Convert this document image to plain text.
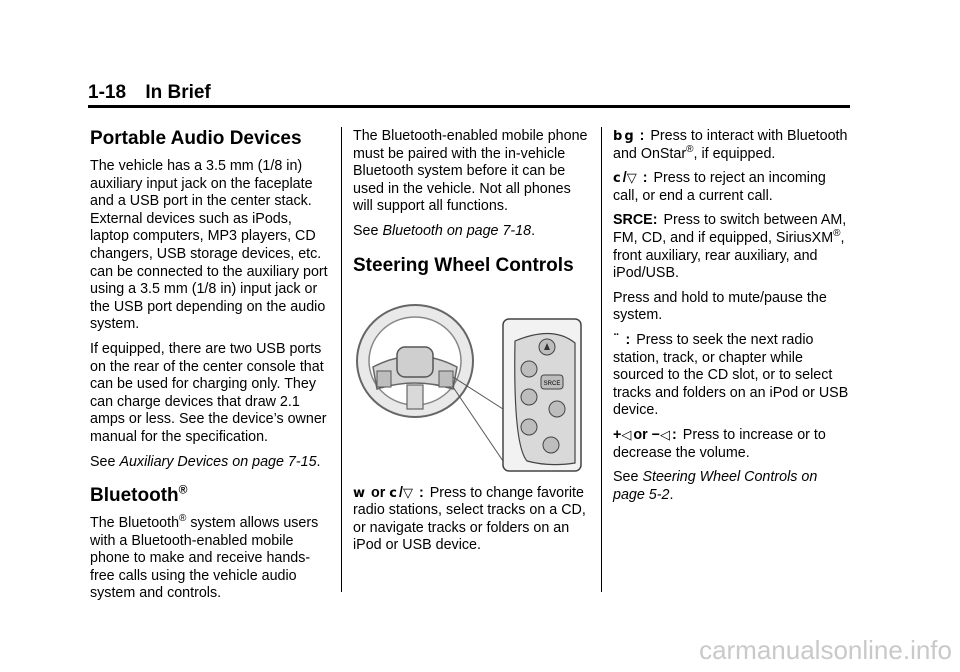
1-18 In Brief
Portable Audio Devices

The vehicle has a 3.5 mm (1/8 in) auxiliary input jack on the faceplate and a USB port in the center stack. External devices such as iPods, laptop computers, MP3 players, CD changers, USB storage devices, etc. can be connected to the auxiliary port using a 3.5 mm (1/8 in) input jack or the USB port depending on the audio system.

If equipped, there are two USB ports on the rear of the center console that can be used for charging only. They can charge devices that draw 2.1 amps or less. See the device’s owner manual for the specification.

See Auxiliary Devices on page 7-15.

Bluetooth®

The Bluetooth® system allows users with a Bluetooth-enabled mobile phone to make and receive hands-free calls using the vehicle audio system and controls.

The Bluetooth-enabled mobile phone must be paired with the in-vehicle Bluetooth system before it can be used in the vehicle. Not all phones will support all functions.

See Bluetooth on page 7-18.

Steering Wheel Controls
SRCE

w or c /▽ : Press to change favorite radio stations, select tracks on a CD, or navigate tracks or folders on an iPod or USB device.

b g : Press to interact with Bluetooth and OnStar®, if equipped.

c /▽ : Press to reject an incoming call, or end a current call.

SRCE: Press to switch between AM, FM, CD, and if equipped, SiriusXM®, front auxiliary, rear auxiliary, and iPod/USB.

Press and hold to mute/pause the system.

¨ : Press to seek the next radio station, track, or chapter while sourced to the CD slot, or to select tracks and folders on an iPod or USB device.

+◁ or −◁ : Press to increase or to decrease the volume.

See Steering Wheel Controls on page 5-2.

carmanualsonline.info
